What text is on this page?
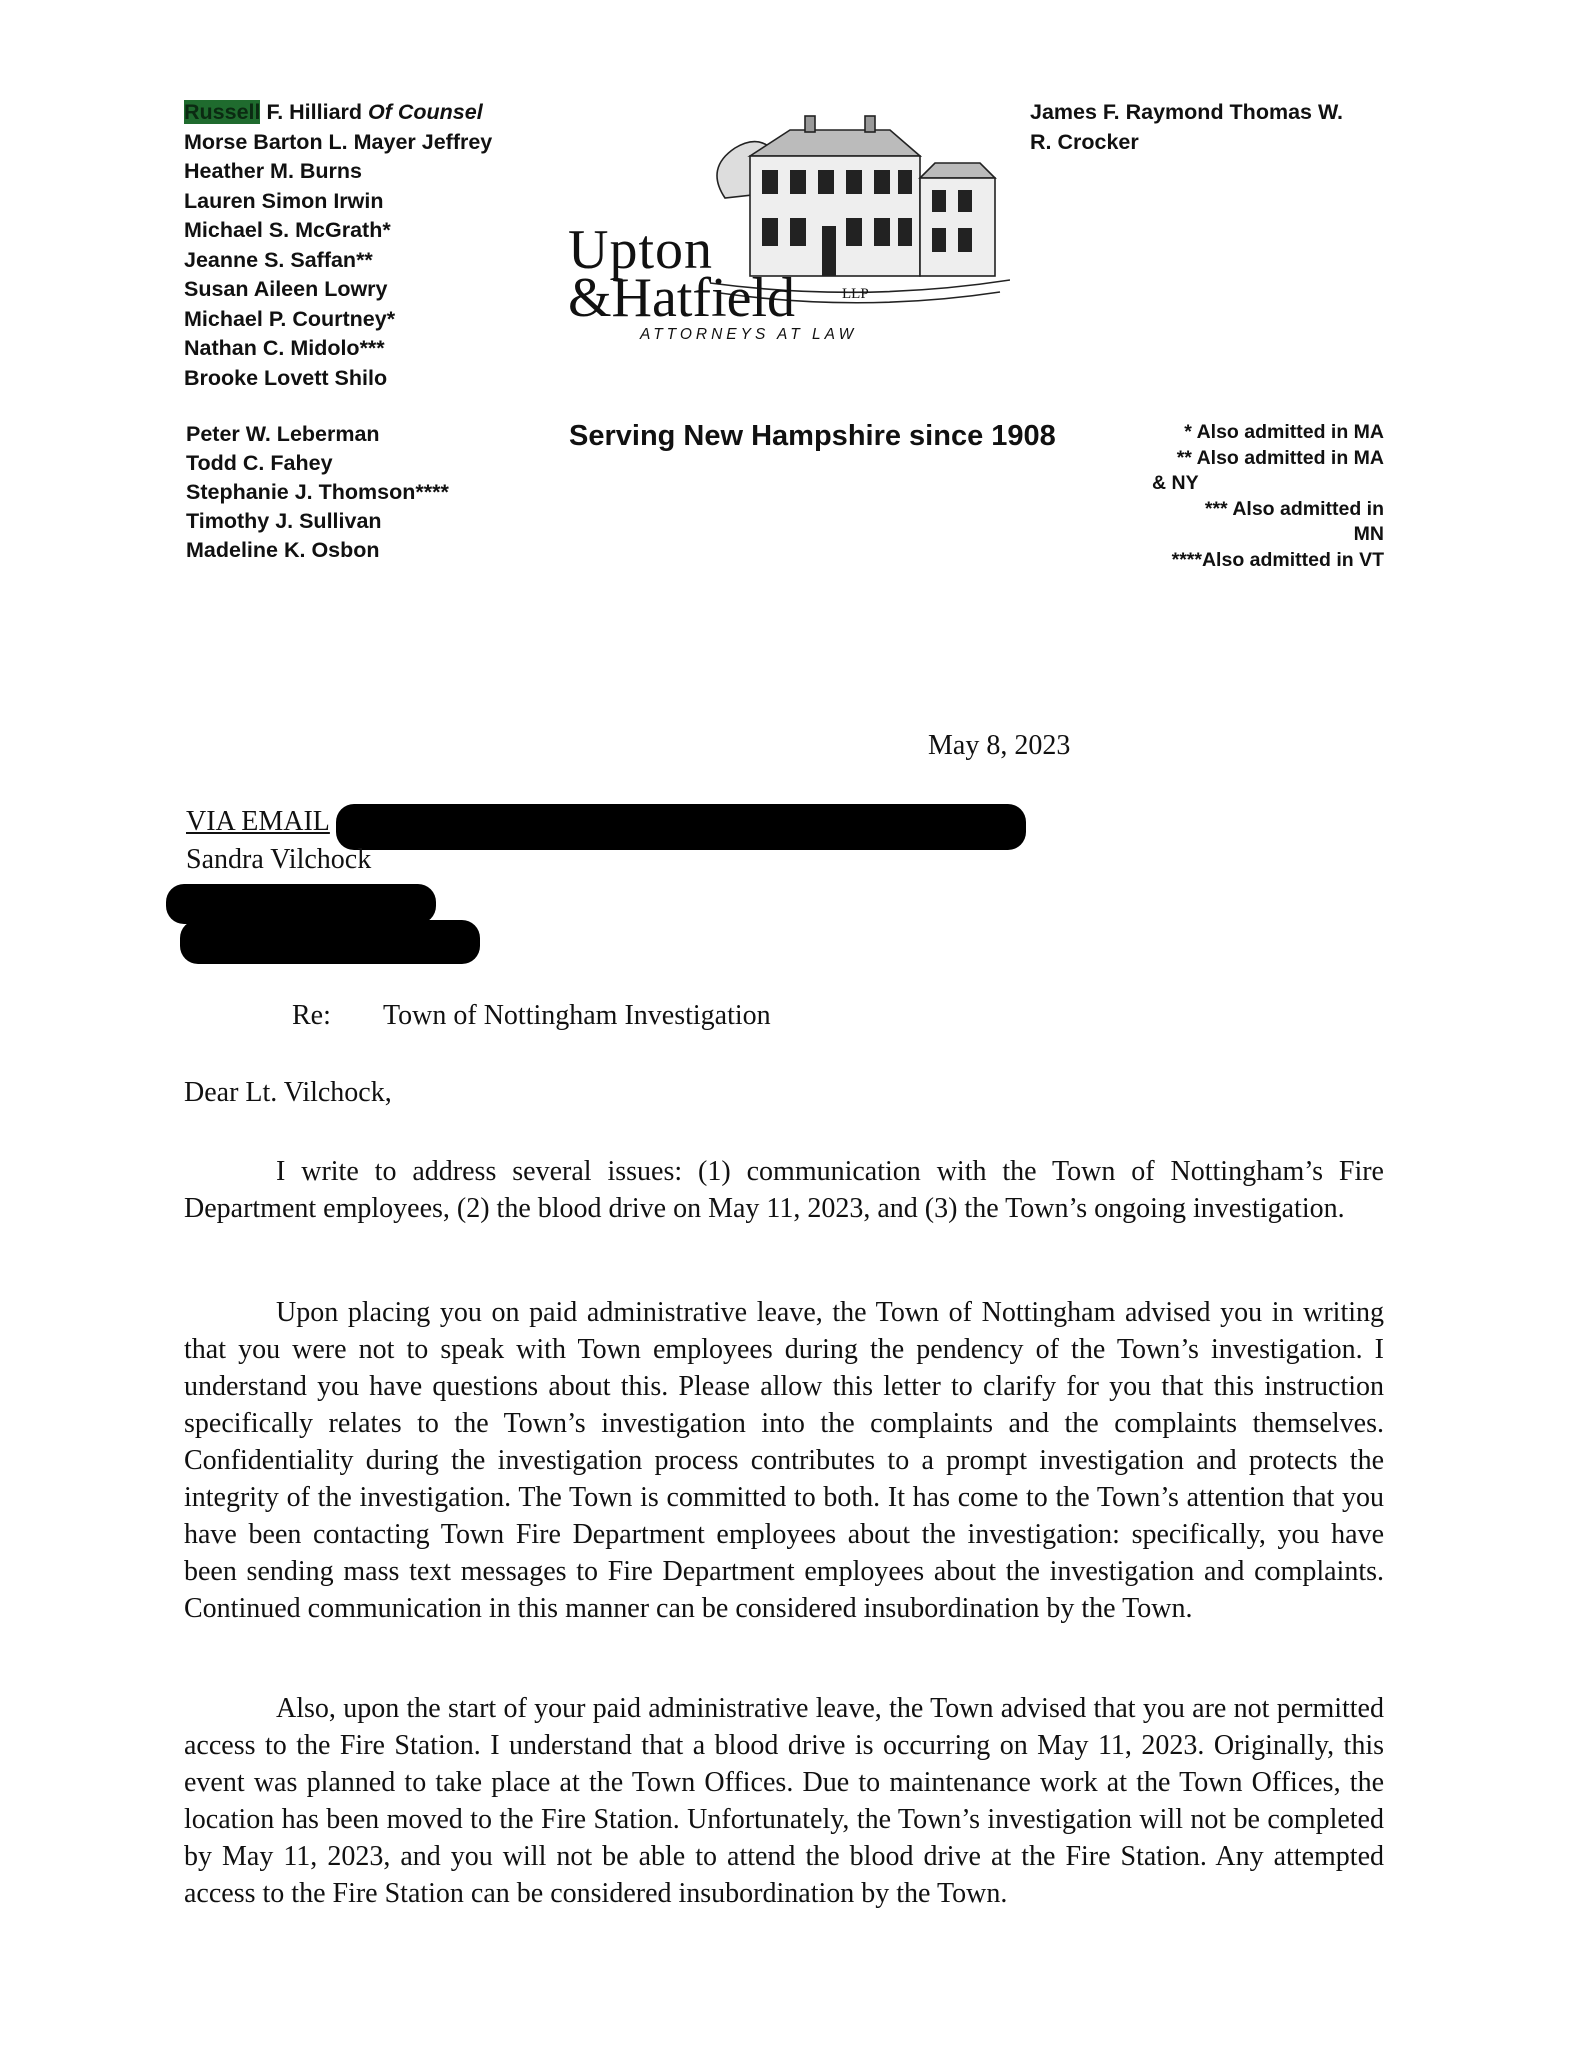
Russell F. Hilliard Of Counsel
Morse Barton L. Mayer Jeffrey
Heather M. Burns
Lauren Simon Irwin
Michael S. McGrath*
Jeanne S. Saffan**
Susan Aileen Lowry
Michael P. Courtney*
Nathan C. Midolo***
Brooke Lovett Shilo
Peter W. Leberman
Todd C. Fahey
Stephanie J. Thomson****
Timothy J. Sullivan
Madeline K. Osbon
James F. Raymond Thomas W.
R. Crocker
Upton
&Hatfield	LLP
ATTORNEYS AT LAW
Serving New Hampshire since 1908	* Also admitted in MA
** Also admitted in MA
& NY
*** Also admitted in
MN
****Also admitted in VT
May 8, 2023
VIA EMAIL
Sandra Vilchock
Re: Town of Nottingham Investigation
Dear Lt. Vilchock,

I write to address several issues: (1) communication with the Town of Nottingham’s Fire Department employees, (2) the blood drive on May 11, 2023, and (3) the Town’s ongoing investigation.

Upon placing you on paid administrative leave, the Town of Nottingham advised you in writing that you were not to speak with Town employees during the pendency of the Town’s investigation. I understand you have questions about this. Please allow this letter to clarify for you that this instruction specifically relates to the Town’s investigation into the complaints and the complaints themselves. Confidentiality during the investigation process contributes to a prompt investigation and protects the integrity of the investigation. The Town is committed to both. It has come to the Town’s attention that you have been contacting Town Fire Department employees about the investigation: specifically, you have been sending mass text messages to Fire Department employees about the investigation and complaints. Continued communication in this manner can be considered insubordination by the Town.

Also, upon the start of your paid administrative leave, the Town advised that you are not permitted access to the Fire Station. I understand that a blood drive is occurring on May 11, 2023. Originally, this event was planned to take place at the Town Offices. Due to maintenance work at the Town Offices, the location has been moved to the Fire Station. Unfortunately, the Town’s investigation will not be completed by May 11, 2023, and you will not be able to attend the blood drive at the Fire Station. Any attempted access to the Fire Station can be considered insubordination by the Town.
